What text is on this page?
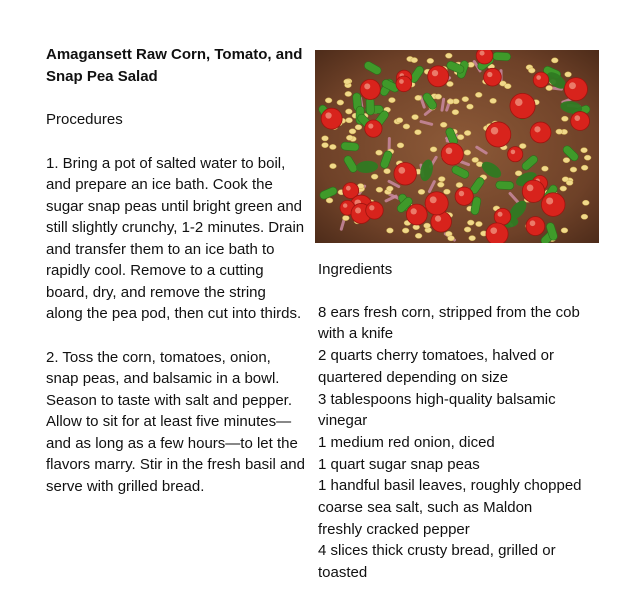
Amagansett Raw Corn, Tomato, and Snap Pea Salad

Procedures

1. Bring a pot of salted water to boil, and prepare an ice bath. Cook the sugar snap peas until bright green and still slightly crunchy, 1-2 minutes. Drain and transfer them to an ice bath to rapidly cool. Remove to a cutting board, dry, and remove the string along the pea pod, then cut into thirds.

2. Toss the corn, tomatoes, onion, snap peas, and balsamic in a bowl. Season to taste with salt and pepper. Allow to sit for at least five minutes—and as long as a few hours—to let the flavors marry. Stir in the fresh basil and serve with grilled bread.

Ingredients

8 ears fresh corn, stripped from the cob with a knife
2 quarts cherry tomatoes, halved or quartered depending on size
3 tablespoons high-quality balsamic vinegar
1 medium red onion, diced
1 quart sugar snap peas
1 handful basil leaves, roughly chopped
coarse sea salt, such as Maldon
freshly cracked pepper
4 slices thick crusty bread, grilled or toasted
